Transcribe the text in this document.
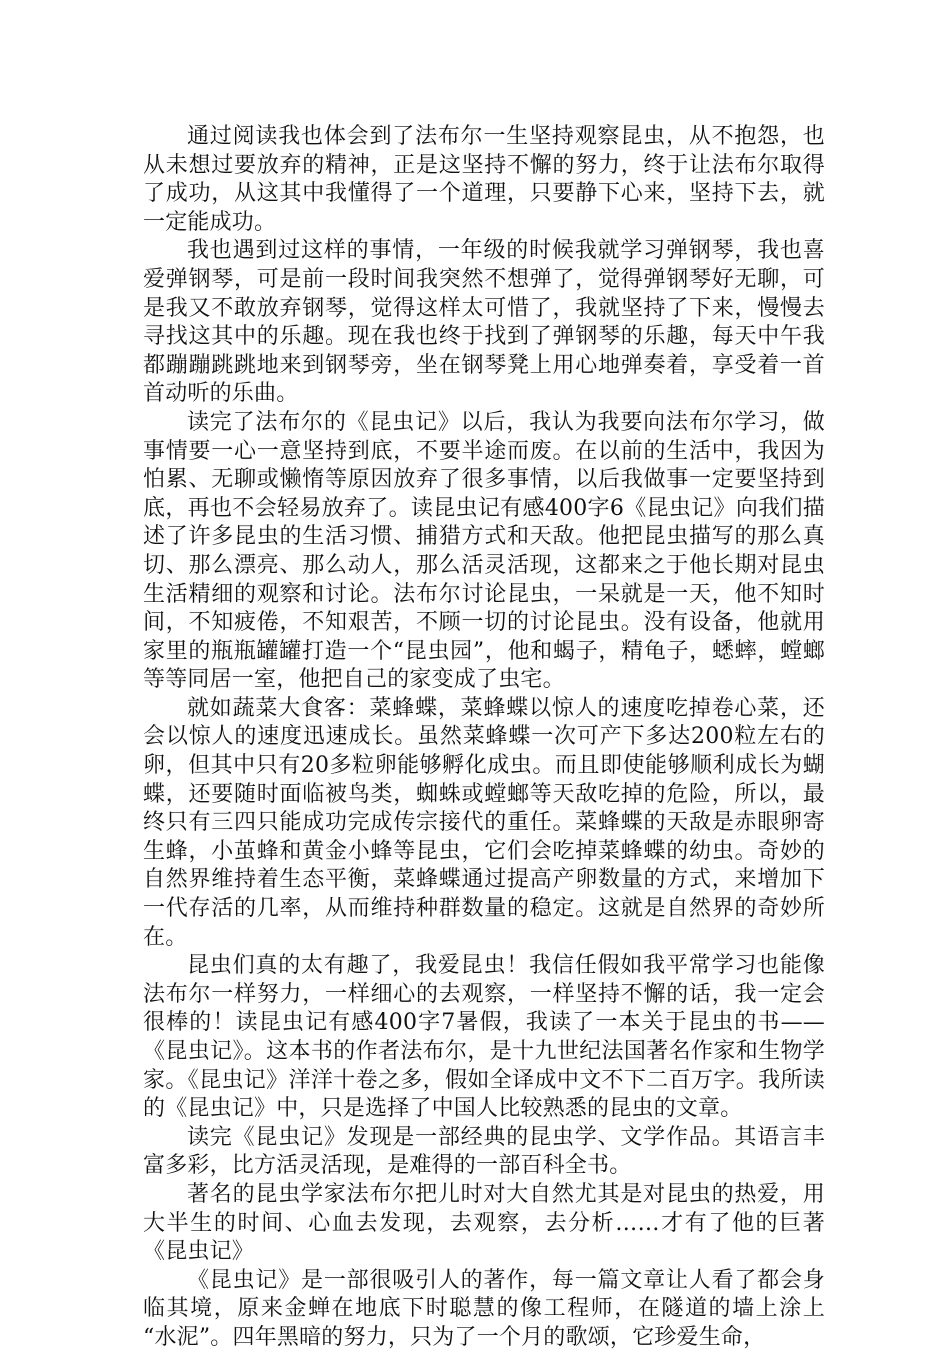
通过阅读我也体会到了法布尔一生坚持观察昆虫，从不抱怨，也从未想过要放弃的精神，正是这坚持不懈的努力，终于让法布尔取得了成功，从这其中我懂得了一个道理，只要静下心来，坚持下去，就一定能成功。

我也遇到过这样的事情，一年级的时候我就学习弹钢琴，我也喜爱弹钢琴，可是前一段时间我突然不想弹了，觉得弹钢琴好无聊，可是我又不敢放弃钢琴，觉得这样太可惜了，我就坚持了下来，慢慢去寻找这其中的乐趣。现在我也终于找到了弹钢琴的乐趣，每天中午我都蹦蹦跳跳地来到钢琴旁，坐在钢琴凳上用心地弹奏着，享受着一首首动听的乐曲。

读完了法布尔的《昆虫记》以后，我认为我要向法布尔学习，做事情要一心一意坚持到底，不要半途而废。在以前的生活中，我因为怕累、无聊或懒惰等原因放弃了很多事情，以后我做事一定要坚持到底，再也不会轻易放弃了。读昆虫记有感400字6《昆虫记》向我们描述了许多昆虫的生活习惯、捕猎方式和天敌。他把昆虫描写的那么真切、那么漂亮、那么动人，那么活灵活现，这都来之于他长期对昆虫生活精细的观察和讨论。法布尔讨论昆虫，一呆就是一天，他不知时间，不知疲倦，不知艰苦，不顾一切的讨论昆虫。没有设备，他就用家里的瓶瓶罐罐打造一个“昆虫园”，他和蝎子，精龟子，蟋蟀，螳螂等等同居一室，他把自己的家变成了虫宅。

就如蔬菜大食客：菜蜂蝶，菜蜂蝶以惊人的速度吃掉卷心菜，还会以惊人的速度迅速成长。虽然菜蜂蝶一次可产下多达200粒左右的卵，但其中只有20多粒卵能够孵化成虫。而且即使能够顺利成长为蝴蝶，还要随时面临被鸟类，蜘蛛或螳螂等天敌吃掉的危险，所以，最终只有三四只能成功完成传宗接代的重任。菜蜂蝶的天敌是赤眼卵寄生蜂，小茧蜂和黄金小蜂等昆虫，它们会吃掉菜蜂蝶的幼虫。奇妙的自然界维持着生态平衡，菜蜂蝶通过提高产卵数量的方式，来增加下一代存活的几率，从而维持种群数量的稳定。这就是自然界的奇妙所在。

昆虫们真的太有趣了，我爱昆虫！我信任假如我平常学习也能像法布尔一样努力，一样细心的去观察，一样坚持不懈的话，我一定会很棒的！读昆虫记有感400字7暑假，我读了一本关于昆虫的书——《昆虫记》。这本书的作者法布尔，是十九世纪法国著名作家和生物学家。《昆虫记》洋洋十卷之多，假如全译成中文不下二百万字。我所读的《昆虫记》中，只是选择了中国人比较熟悉的昆虫的文章。

读完《昆虫记》发现是一部经典的昆虫学、文学作品。其语言丰富多彩，比方活灵活现，是难得的一部百科全书。

著名的昆虫学家法布尔把儿时对大自然尤其是对昆虫的热爱，用大半生的时间、心血去发现，去观察，去分析……才有了他的巨著《昆虫记》

《昆虫记》是一部很吸引人的著作，每一篇文章让人看了都会身临其境，原来金蝉在地底下时聪慧的像工程师，在隧道的墙上涂上 “水泥”。四年黑暗的努力，只为了一个月的歌颂，它珍爱生命，
